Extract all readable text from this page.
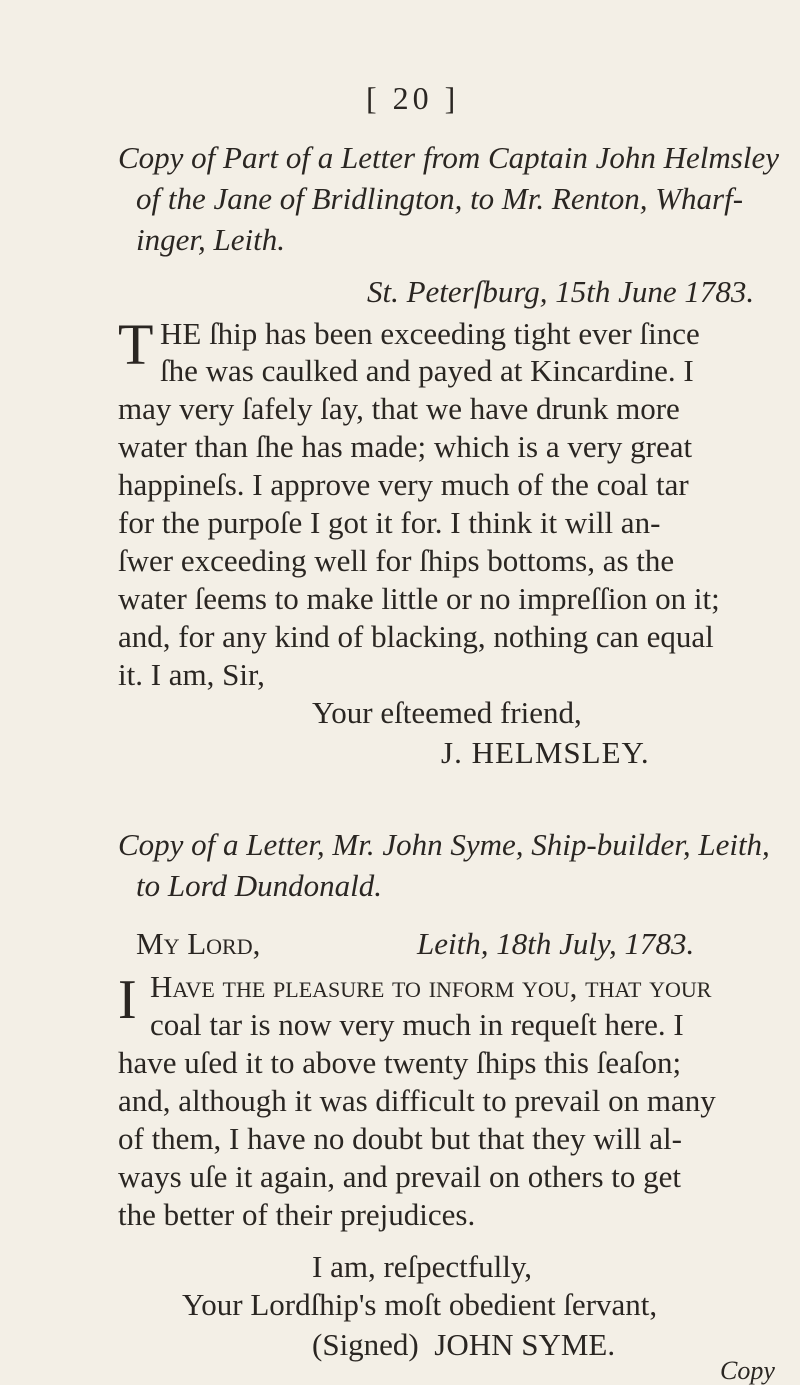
[ 20 ]
Copy of Part of a Letter from Captain John Helmsley
of the Jane of Bridlington, to Mr. Renton, Wharf-
inger, Leith.
St. Peterſburg, 15th June 1783.
T HE ſhip has been exceeding tight ever ſince
ſhe was caulked and payed at Kincardine. I
may very ſafely ſay, that we have drunk more
water than ſhe has made; which is a very great
happineſs. I approve very much of the coal tar
for the purpoſe I got it for. I think it will an-
ſwer exceeding well for ſhips bottoms, as the
water ſeems to make little or no impreſſion on it;
and, for any kind of blacking, nothing can equal
it. I am, Sir,
Your eſteemed friend,
J. HELMSLEY.
Copy of a Letter, Mr. John Syme, Ship-builder, Leith,
to Lord Dundonald.
My Lord,	Leith, 18th July, 1783.
I Have the pleaſure to inform you, that your
coal tar is now very much in requeſt here. I
have uſed it to above twenty ſhips this ſeaſon;
and, although it was difficult to prevail on many
of them, I have no doubt but that they will al-
ways uſe it again, and prevail on others to get
the better of their prejudices.
I am, reſpectfully,
Your Lordſhip's moſt obedient ſervant,
(Signed)  JOHN SYME.
Copy
